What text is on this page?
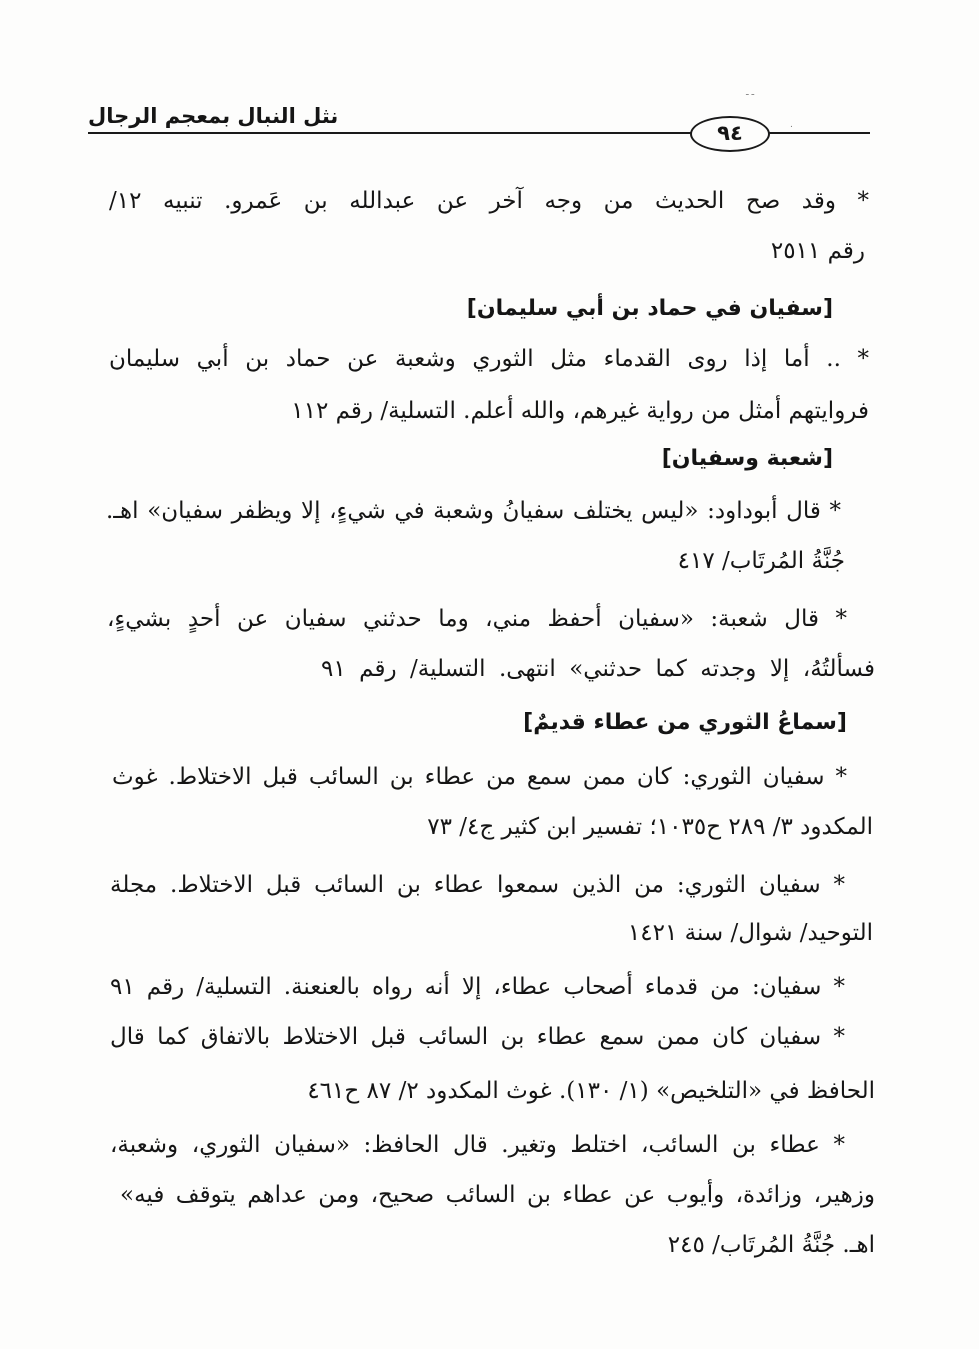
ـ ـ
.
نثل النبال بمعجم الرجال
٩٤
* وقد صح الحديث من وجه آخر عن عبدالله بن عَمرو. تنبيه ١٢/
رقم ٢٥١١
[سفيان في حماد بن أبي سليمان]
* .. أما إذا روى القدماء مثل الثوري وشعبة عن حماد بن أبي سليمان
فروايتهم أمثل من رواية غيرهم، والله أعلم. التسلية/ رقم ١١٢
[شعبة وسفيان]
* قال أبوداود: «ليس يختلف سفيانُ وشعبة في شيءٍ، إلا ويظفر سفيان» اهـ.
جُنَّةُ المُرتَاب/ ٤١٧
* قال شعبة: «سفيان أحفظ مني، وما حدثني سفيان عن أحدٍ بشيءٍ،
فسألتُهُ، إلا وجدته كما حدثني» انتهى. التسلية/ رقم ٩١
[سماعُ الثوري من عطاء قديمٌ]
* سفيان الثوري: كان ممن سمع من عطاء بن السائب قبل الاختلاط. غوث
المكدود ٣/ ٢٨٩ ح١٠٣٥؛ تفسير ابن كثير ج٤/ ٧٣
* سفيان الثوري: من الذين سمعوا عطاء بن السائب قبل الاختلاط. مجلة
التوحيد/ شوال/ سنة ١٤٢١
* سفيان: من قدماء أصحاب عطاء، إلا أنه رواه بالعنعنة. التسلية/ رقم ٩١
* سفيان كان ممن سمع عطاء بن السائب قبل الاختلاط بالاتفاق كما قال
الحافظ في «التلخيص» (١/ ١٣٠). غوث المكدود ٢/ ٨٧ ح٤٦١
* عطاء بن السائب، اختلط وتغير. قال الحافظ: «سفيان الثوري، وشعبة،
وزهير، وزائدة، وأيوب عن عطاء بن السائب صحيح، ومن عداهم يتوقف فيه»
اهـ. جُنَّةُ المُرتَاب/ ٢٤٥
